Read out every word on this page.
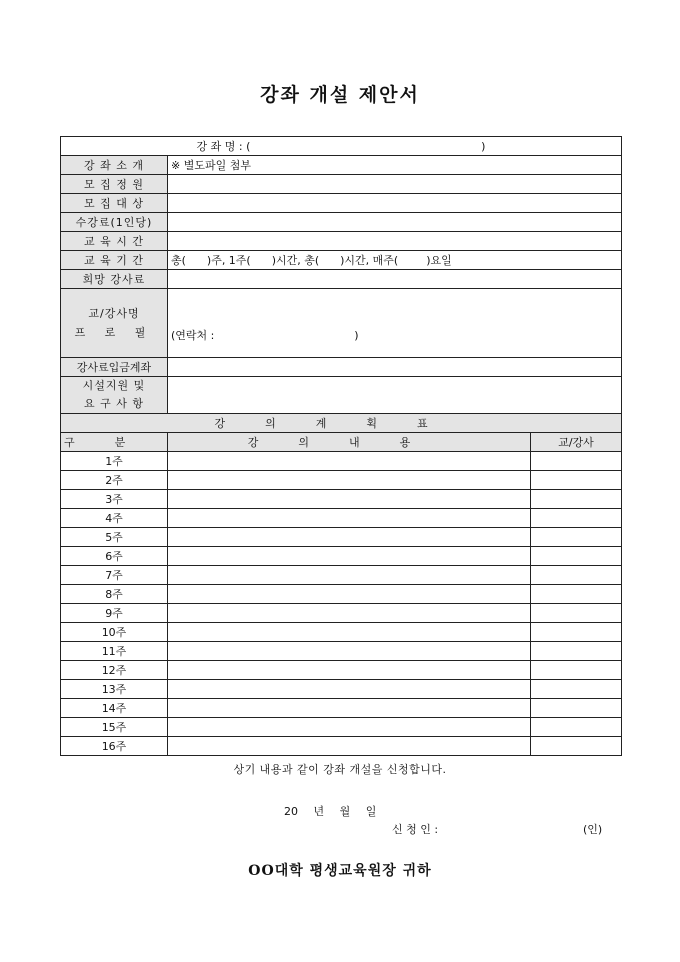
강좌 개설 제안서
강 좌 명 : (                                                                  )		
강 좌 소 개	※ 별도파일 첨부	
모 집 정 원		
모 집 대 상		
수강료(1인당)		
교 육 시 간		
교 육 기 간	총(      )주, 1주(      )시간, 총(      )시간, 매주(        )요일	
희망 강사료		

교/강사명
프 로 필	(연락처 :                                        )	

강사료입금계좌		

시설지원 및
요 구 사 항		

강의계획표		
구분	강의내용	교/강사
1주		
2주		
3주		
4주		
5주		
6주		
7주		
8주		
9주		
10주		
11주		
12주		
13주		
14주		
15주		
16주		
상기 내용과 같이 강좌 개설을 신청합니다.
20 년 월 일
신 청 인 :	(인)
OO대학 평생교육원장 귀하
